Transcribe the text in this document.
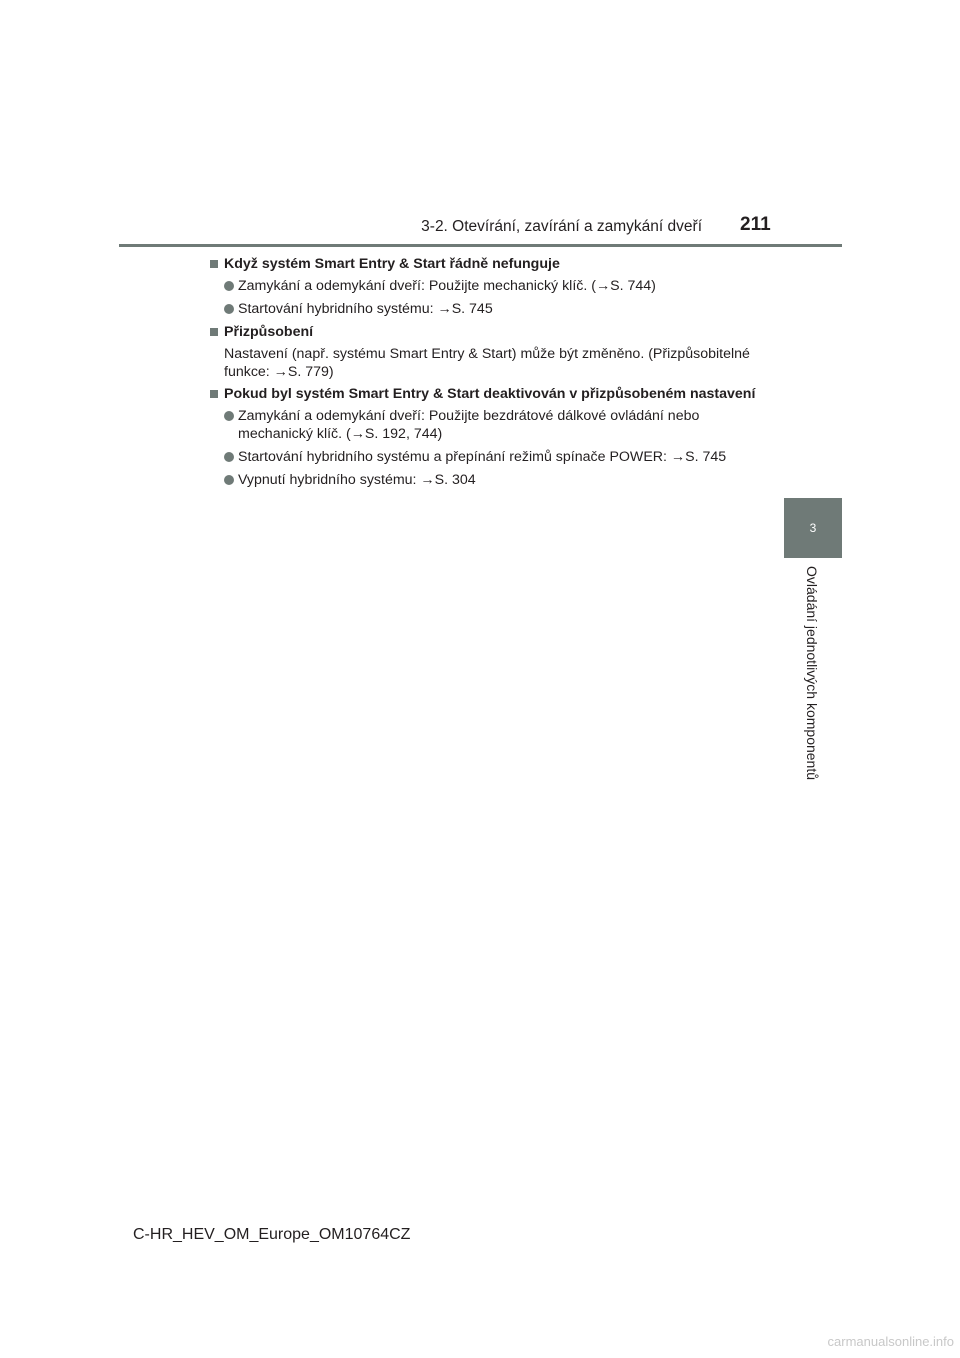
3-2. Otevírání, zavírání a zamykání dveří 211
3
Ovládání jednotlivých komponentů
Když systém Smart Entry & Start řádně nefunguje
Zamykání a odemykání dveří: Použijte mechanický klíč. (→S. 744)
Startování hybridního systému: →S. 745
Přizpůsobení
Nastavení (např. systému Smart Entry & Start) může být změněno. (Přizpůsobitelné funkce: →S. 779)
Pokud byl systém Smart Entry & Start deaktivován v přizpůsobeném nastavení
Zamykání a odemykání dveří: Použijte bezdrátové dálkové ovládání nebo mechanický klíč. (→S. 192, 744)
Startování hybridního systému a přepínání režimů spínače POWER: →S. 745
Vypnutí hybridního systému: →S. 304
C-HR_HEV_OM_Europe_OM10764CZ
carmanualsonline.info
